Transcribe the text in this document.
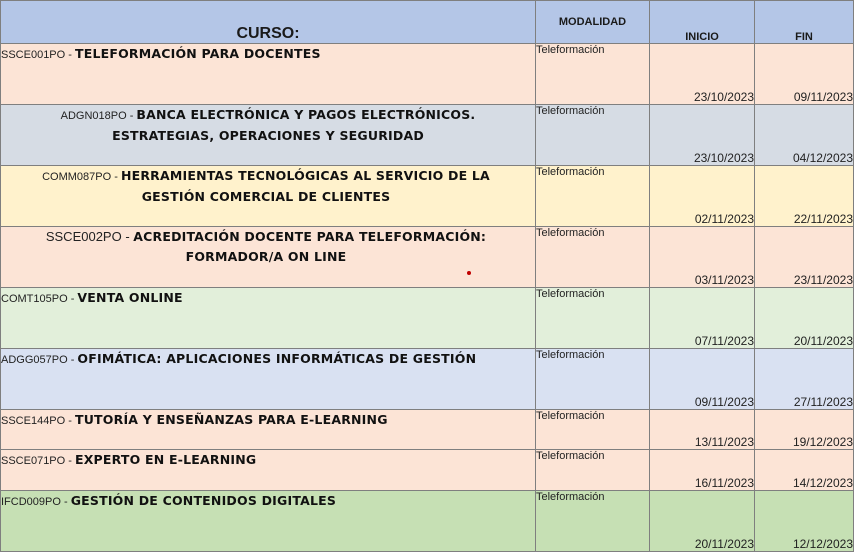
CURSO:	MODALIDAD	INICIO	FIN
SSCE001PO - TELEFORMACIÓN PARA DOCENTES	Teleformación	23/10/2023	09/11/2023
ADGN018PO - BANCA ELECTRÓNICA Y PAGOS ELECTRÓNICOS. ESTRATEGIAS, OPERACIONES Y SEGURIDAD	Teleformación	23/10/2023	04/12/2023
COMM087PO - HERRAMIENTAS TECNOLÓGICAS AL SERVICIO DE LA GESTIÓN COMERCIAL DE CLIENTES	Teleformación	02/11/2023	22/11/2023
SSCE002PO - ACREDITACIÓN DOCENTE PARA TELEFORMACIÓN: FORMADOR/A ON LINE	Teleformación	03/11/2023	23/11/2023
COMT105PO - VENTA ONLINE	Teleformación	07/11/2023	20/11/2023
ADGG057PO - OFIMÁTICA: APLICACIONES INFORMÁTICAS DE GESTIÓN	Teleformación	09/11/2023	27/11/2023
SSCE144PO - TUTORÍA Y ENSEÑANZAS PARA E-LEARNING	Teleformación	13/11/2023	19/12/2023
SSCE071PO - EXPERTO EN E-LEARNING	Teleformación	16/11/2023	14/12/2023
IFCD009PO - GESTIÓN DE CONTENIDOS DIGITALES	Teleformación	20/11/2023	12/12/2023
